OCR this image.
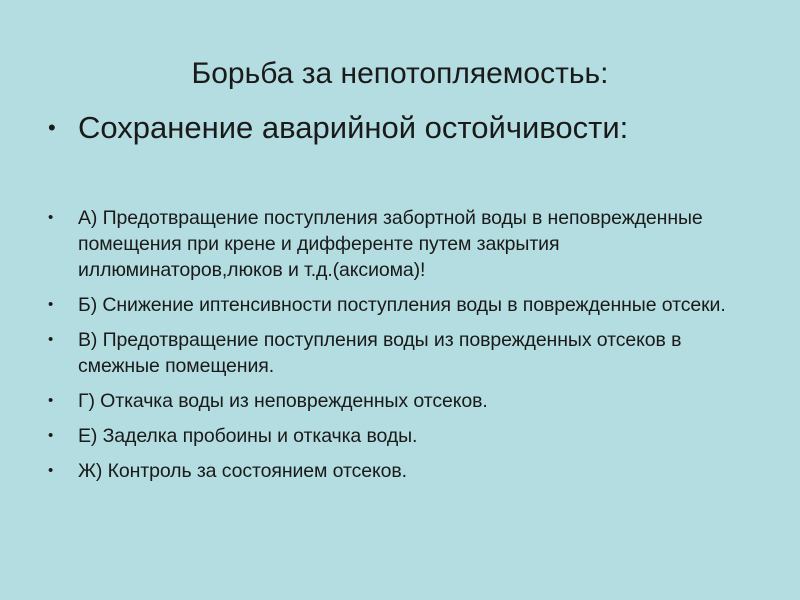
Борьба за непотопляемостьь:
• Сохранение аварийной остойчивости:
•	А) Предотвращение поступления забортной воды в неповрежденные помещения при крене и дифференте путем закрытия иллюминаторов,люков и т.д.(аксиома)!
•	Б) Снижение иптенсивности поступления воды в поврежденные отсеки.
•	В) Предотвращение поступления воды из поврежденных отсеков в смежные помещения.
•	Г) Откачка воды из неповрежденных отсеков.
•	Е) Заделка пробоины и откачка воды.
•	Ж) Контроль за состоянием отсеков.
